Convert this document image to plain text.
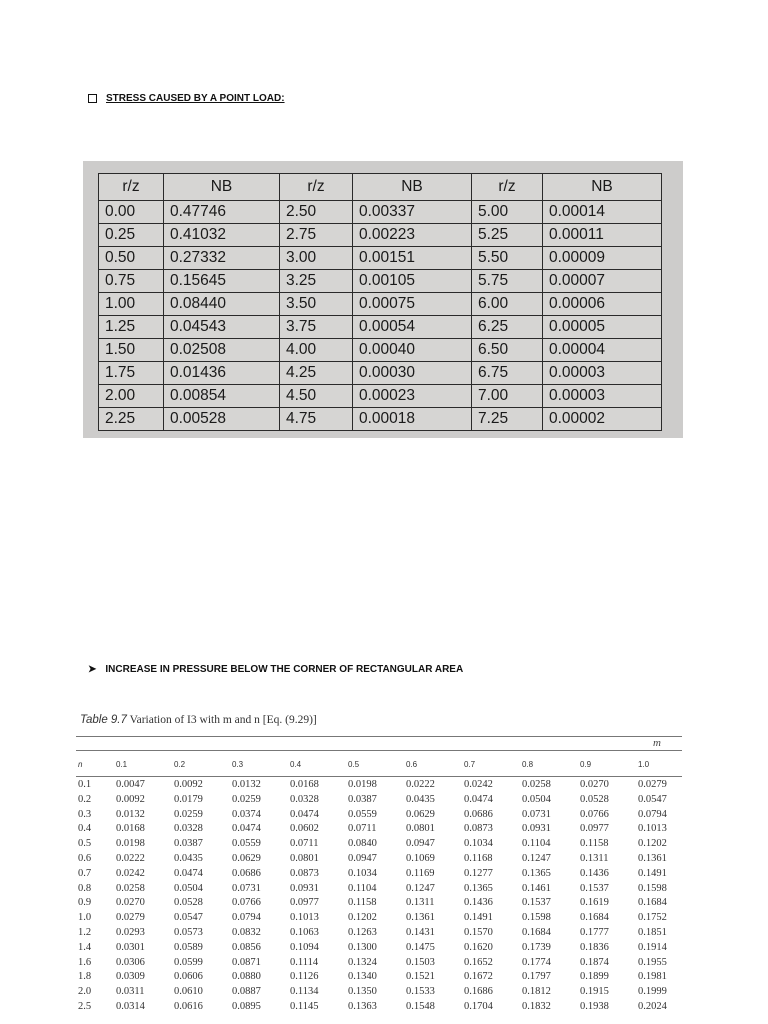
STRESS CAUSED BY A POINT LOAD:
r/z	NB	r/z	NB	r/z	NB
0.00	0.47746	2.50	0.00337	5.00	0.00014
0.25	0.41032	2.75	0.00223	5.25	0.00011
0.50	0.27332	3.00	0.00151	5.50	0.00009
0.75	0.15645	3.25	0.00105	5.75	0.00007
1.00	0.08440	3.50	0.00075	6.00	0.00006
1.25	0.04543	3.75	0.00054	6.25	0.00005
1.50	0.02508	4.00	0.00040	6.50	0.00004
1.75	0.01436	4.25	0.00030	6.75	0.00003
2.00	0.00854	4.50	0.00023	7.00	0.00003
2.25	0.00528	4.75	0.00018	7.25	0.00002
➤ INCREASE IN PRESSURE BELOW THE CORNER OF RECTANGULAR AREA
Table 9.7 Variation of I3 with m and n [Eq. (9.29)]
m
n	0.1	0.2	0.3	0.4	0.5	0.6	0.7	0.8	0.9	1.0
0.1	0.0047	0.0092	0.0132	0.0168	0.0198	0.0222	0.0242	0.0258	0.0270	0.0279
0.2	0.0092	0.0179	0.0259	0.0328	0.0387	0.0435	0.0474	0.0504	0.0528	0.0547
0.3	0.0132	0.0259	0.0374	0.0474	0.0559	0.0629	0.0686	0.0731	0.0766	0.0794
0.4	0.0168	0.0328	0.0474	0.0602	0.0711	0.0801	0.0873	0.0931	0.0977	0.1013
0.5	0.0198	0.0387	0.0559	0.0711	0.0840	0.0947	0.1034	0.1104	0.1158	0.1202
0.6	0.0222	0.0435	0.0629	0.0801	0.0947	0.1069	0.1168	0.1247	0.1311	0.1361
0.7	0.0242	0.0474	0.0686	0.0873	0.1034	0.1169	0.1277	0.1365	0.1436	0.1491
0.8	0.0258	0.0504	0.0731	0.0931	0.1104	0.1247	0.1365	0.1461	0.1537	0.1598
0.9	0.0270	0.0528	0.0766	0.0977	0.1158	0.1311	0.1436	0.1537	0.1619	0.1684
1.0	0.0279	0.0547	0.0794	0.1013	0.1202	0.1361	0.1491	0.1598	0.1684	0.1752
1.2	0.0293	0.0573	0.0832	0.1063	0.1263	0.1431	0.1570	0.1684	0.1777	0.1851
1.4	0.0301	0.0589	0.0856	0.1094	0.1300	0.1475	0.1620	0.1739	0.1836	0.1914
1.6	0.0306	0.0599	0.0871	0.1114	0.1324	0.1503	0.1652	0.1774	0.1874	0.1955
1.8	0.0309	0.0606	0.0880	0.1126	0.1340	0.1521	0.1672	0.1797	0.1899	0.1981
2.0	0.0311	0.0610	0.0887	0.1134	0.1350	0.1533	0.1686	0.1812	0.1915	0.1999
2.5	0.0314	0.0616	0.0895	0.1145	0.1363	0.1548	0.1704	0.1832	0.1938	0.2024
